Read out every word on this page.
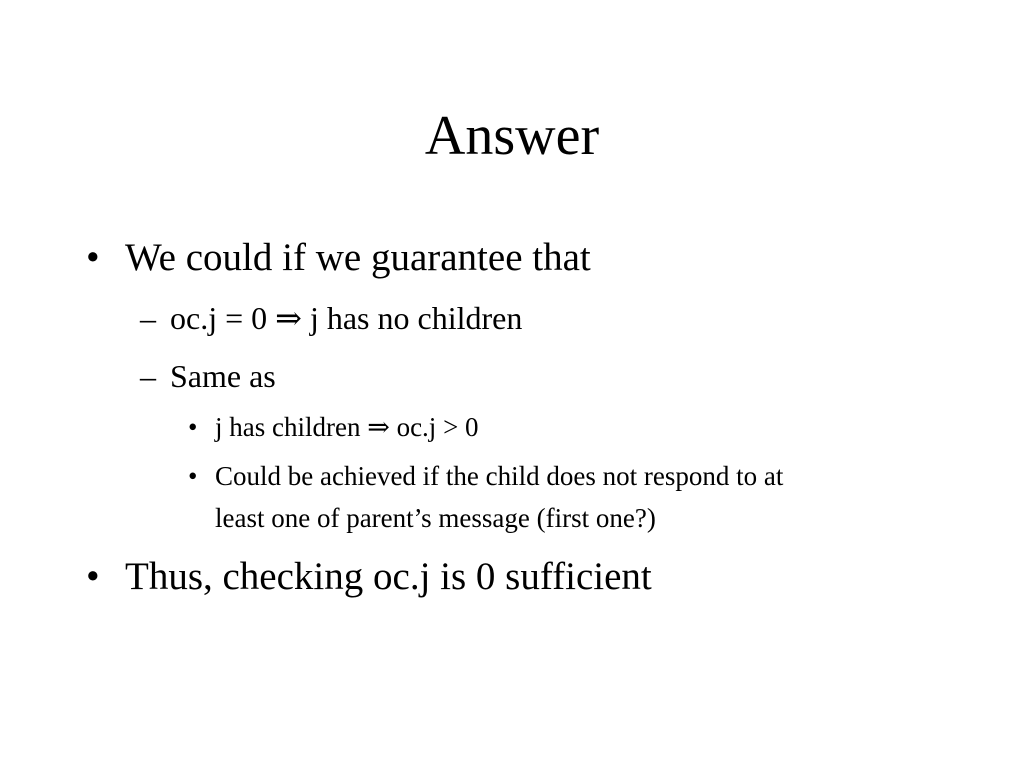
Answer
• We could if we guarantee that
– oc.j = 0 ⇒ j has no children
– Same as
• j has children ⇒ oc.j > 0
• Could be achieved if the child does not respond to at
least one of parent’s message (first one?)
• Thus, checking oc.j is 0 sufficient
